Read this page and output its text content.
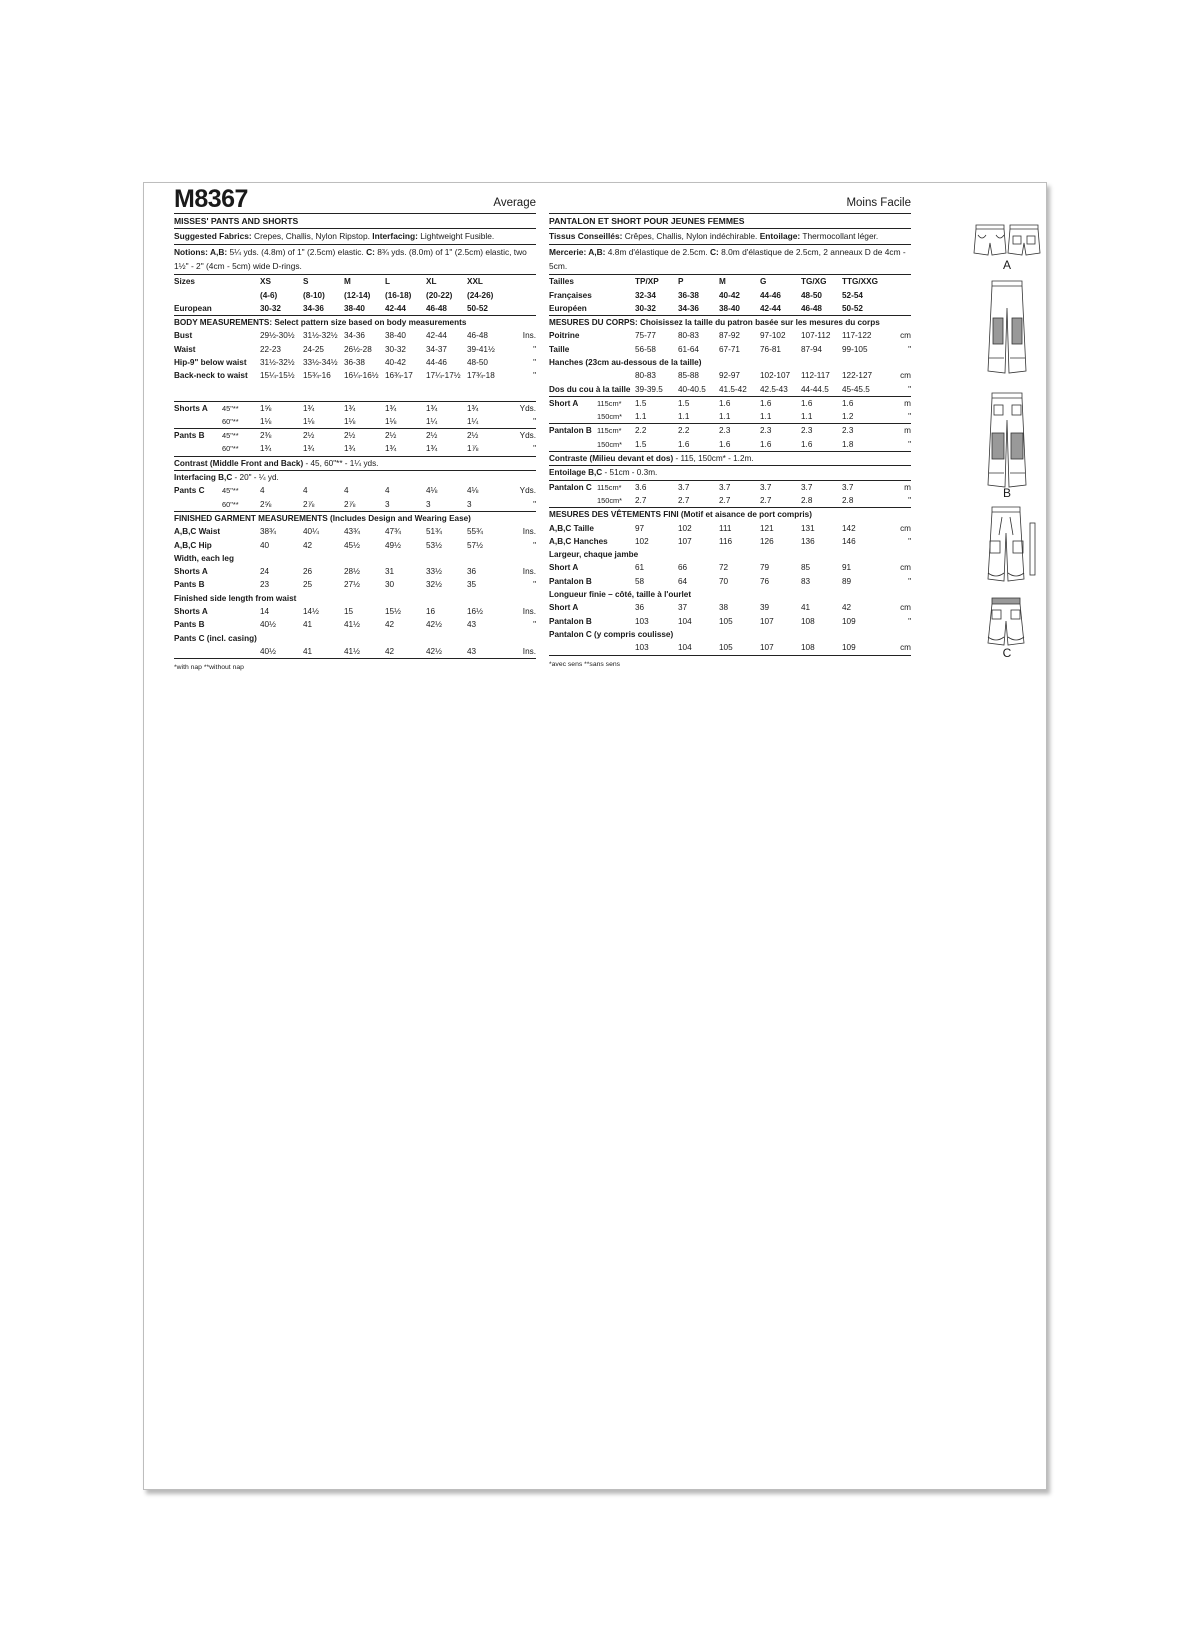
M8367	Average
MISSES' PANTS AND SHORTS
Suggested Fabrics: Crepes, Challis, Nylon Ripstop. Interfacing: Lightweight Fusible.
Notions: A,B: 5¼ yds. (4.8m) of 1" (2.5cm) elastic. C: 8¾ yds. (8.0m) of 1" (2.5cm) elastic, two 1½" - 2" (4cm - 5cm) wide D-rings.
Sizes	XS	S	M	L	XL	XXL	
	(4-6)	(8-10)	(12-14)	(16-18)	(20-22)	(24-26)	
European	30-32	34-36	38-40	42-44	46-48	50-52	
BODY MEASUREMENTS: Select pattern size based on body measurements							
Bust	29½-30½	31½-32½	34-36	38-40	42-44	46-48	Ins.
Waist	22-23	24-25	26½-28	30-32	34-37	39-41½	"
Hip-9" below waist	31½-32½	33½-34½	36-38	40-42	44-46	48-50	"
Back-neck to waist	15¼-15½	15¾-16	16¼-16½	16¾-17	17¼-17½	17¾-18	"

Shorts A 45"**	1⅝	1¾	1¾	1¾	1¾	1¾	Yds.

60"**	1⅛	1⅛	1⅛	1⅛	1¼	1¼	"
Pants B 45"**	2⅜	2½	2½	2½	2½	2½	Yds.

60"**	1¾	1¾	1¾	1¾	1¾	1⅞	"
Contrast (Middle Front and Back) - 45, 60"** - 1¼ yds.							
Interfacing B,C - 20" - ¼ yd.							
Pants C 45"**	4	4	4	4	4⅛	4⅛	Yds.

60"**	2⅝	2⅞	2⅞	3	3	3	"
FINISHED GARMENT MEASUREMENTS (Includes Design and Wearing Ease)							
A,B,C Waist	38¾	40¼	43¾	47¾	51¾	55¾	Ins.
A,B,C Hip	40	42	45½	49½	53½	57½	"
Width, each leg							
Shorts A	24	26	28½	31	33½	36	Ins.
Pants B	23	25	27½	30	32½	35	"
Finished side length from waist							
Shorts A	14	14½	15	15½	16	16½	Ins.
Pants B	40½	41	41½	42	42½	43	"
Pants C (incl. casing)							
	40½	41	41½	42	42½	43	Ins.
*with nap **without nap
Moins Facile
PANTALON ET SHORT POUR JEUNES FEMMES
Tissus Conseillés: Crêpes, Challis, Nylon indéchirable. Entoilage: Thermocollant léger.
Mercerie: A,B: 4.8m d'élastique de 2.5cm. C: 8.0m d'élastique de 2.5cm, 2 anneaux D de 4cm - 5cm.
Tailles	TP/XP	P	M	G	TG/XG	TTG/XXG	
Françaises	32-34	36-38	40-42	44-46	48-50	52-54	
Européen	30-32	34-36	38-40	42-44	46-48	50-52	
MESURES DU CORPS: Choisissez la taille du patron basée sur les mesures du corps							
Poitrine	75-77	80-83	87-92	97-102	107-112	117-122	cm
Taille	56-58	61-64	67-71	76-81	87-94	99-105	"
Hanches (23cm au-dessous de la taille)							
	80-83	85-88	92-97	102-107	112-117	122-127	cm
Dos du cou à la taille	39-39.5	40-40.5	41.5-42	42.5-43	44-44.5	45-45.5	"
Short A 115cm*	1.5	1.5	1.6	1.6	1.6	1.6	m

150cm*	1.1	1.1	1.1	1.1	1.1	1.2	"
Pantalon B 115cm*	2.2	2.2	2.3	2.3	2.3	2.3	m

150cm*	1.5	1.6	1.6	1.6	1.6	1.8	"
Contraste (Milieu devant et dos) - 115, 150cm* - 1.2m.							
Entoilage B,C - 51cm - 0.3m.							
Pantalon C 115cm*	3.6	3.7	3.7	3.7	3.7	3.7	m

150cm*	2.7	2.7	2.7	2.7	2.8	2.8	"
MESURES DES VÊTEMENTS FINI (Motif et aisance de port compris)							
A,B,C Taille	97	102	111	121	131	142	cm
A,B,C Hanches	102	107	116	126	136	146	"
Largeur, chaque jambe							
Short A	61	66	72	79	85	91	cm
Pantalon B	58	64	70	76	83	89	"
Longueur finie – côté, taille à l'ourlet							
Short A	36	37	38	39	41	42	cm
Pantalon B	103	104	105	107	108	109	"
Pantalon C (y compris coulisse)							
	103	104	105	107	108	109	cm
*avec sens **sans sens
A
B
C
